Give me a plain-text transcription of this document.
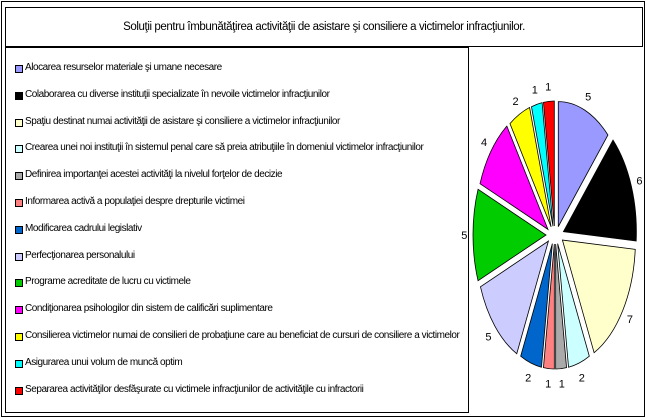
Soluţii pentru îmbunătăţirea activităţii de asistare şi consiliere a victimelor infracţiunilor.
Alocarea resurselor materiale şi umane necesare
Colaborarea cu diverse instituţii specializate în nevoile victimelor infracţiunilor
Spaţiu destinat numai activităţii de asistare şi consiliere a victimelor infracţiunilor
Crearea unei noi instituţii în sistemul penal care să preia atribuţiile în domeniul victimelor infracţiunilor
Definirea importanţei acestei activităţi la nivelul forţelor de decizie
Informarea activă a populaţiei despre drepturile victimei
Modificarea cadrului legislativ
Perfecţionarea personalului
Programe acreditate de lucru cu victimele
Condiţionarea psihologilor din sistem de calificări suplimentare
Consilierea victimelor numai de consilieri de probaţiune care au beneficiat de cursuri de consiliere a victimelor
Asigurarea unui volum de muncă optim
Separarea activităţilor desfăşurate cu victimele infracţiunilor de activităţile cu infractorii
5
6
7
2
1
1
2
5
5
4
2
1 1
